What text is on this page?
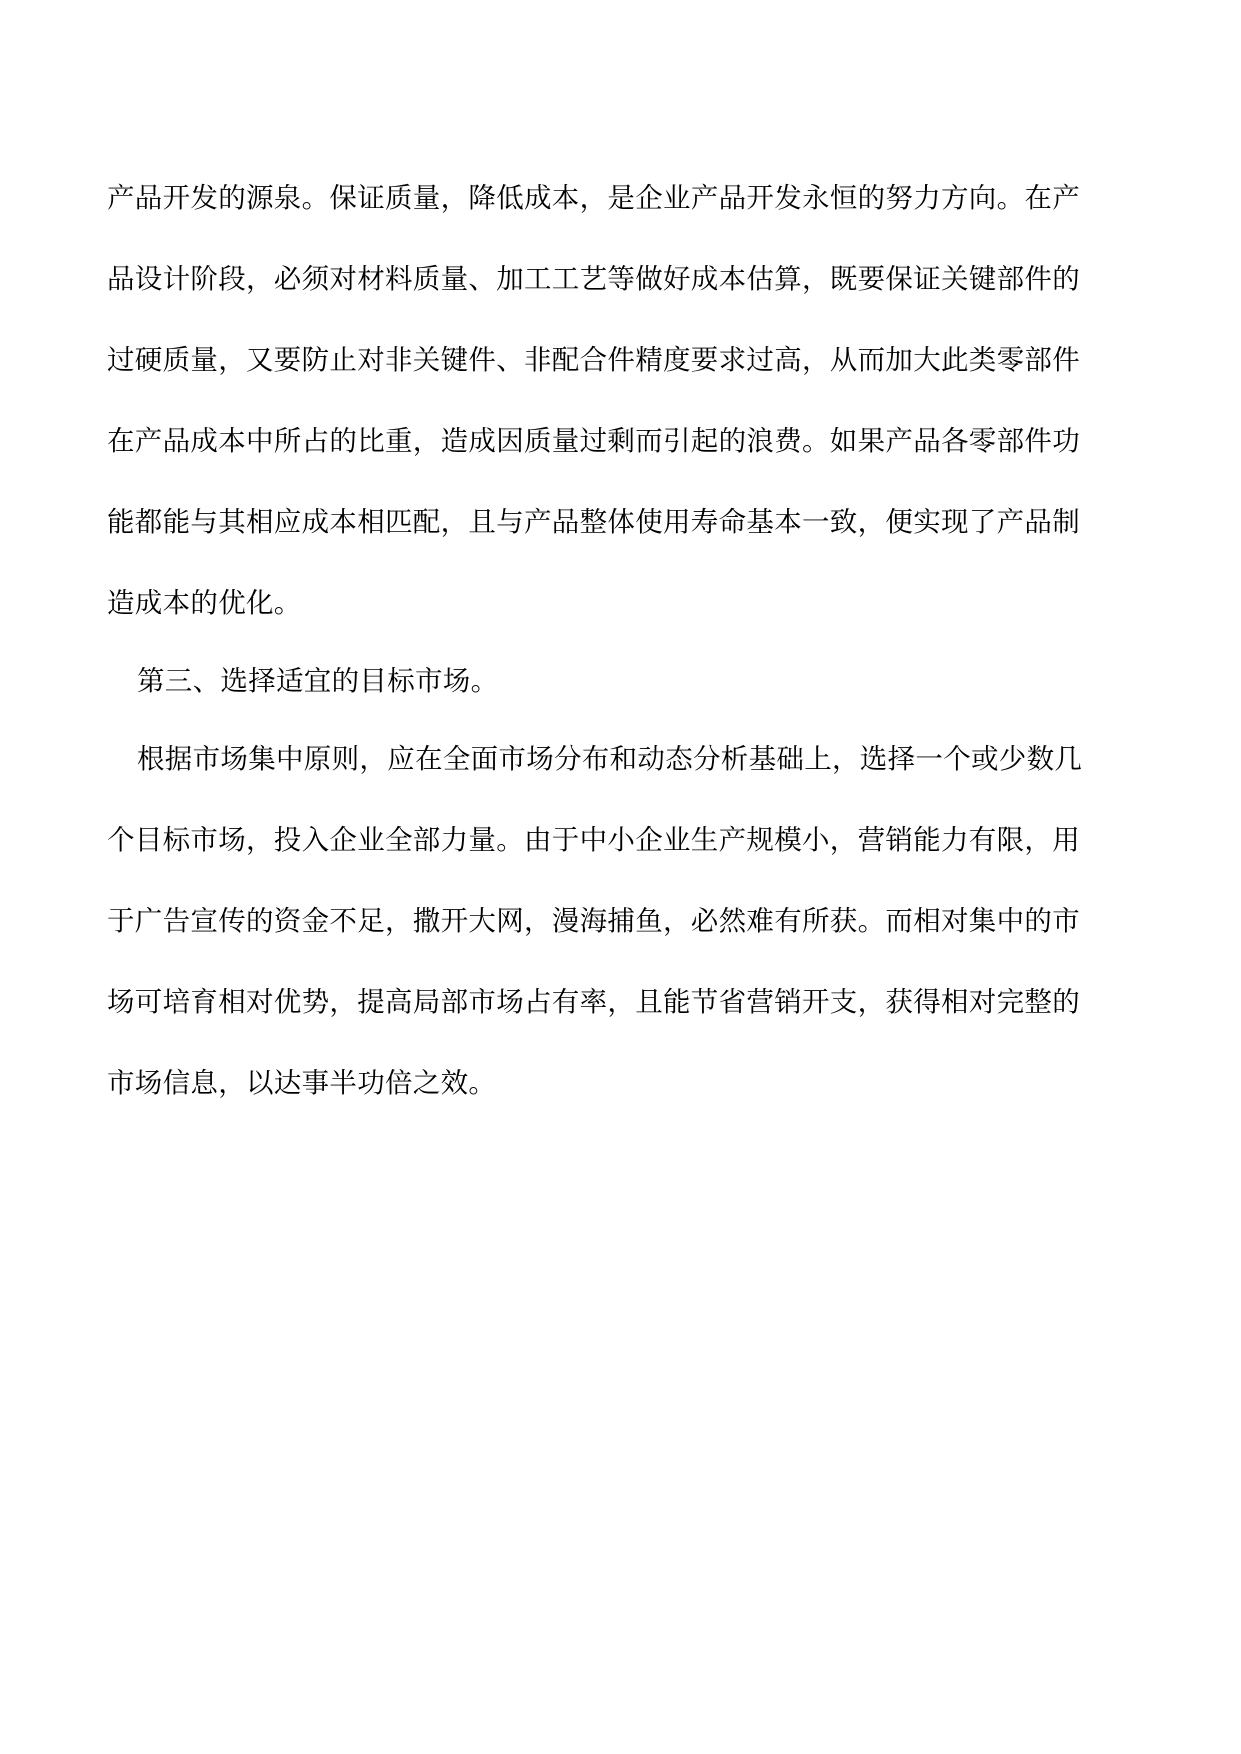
产品开发的源泉。保证质量，降低成本，是企业产品开发永恒的努力方向。在产
品设计阶段，必须对材料质量、加工工艺等做好成本估算，既要保证关键部件的
过硬质量，又要防止对非关键件、非配合件精度要求过高，从而加大此类零部件
在产品成本中所占的比重，造成因质量过剩而引起的浪费。如果产品各零部件功
能都能与其相应成本相匹配，且与产品整体使用寿命基本一致，便实现了产品制
造成本的优化。
第三、选择适宜的目标市场。
根据市场集中原则，应在全面市场分布和动态分析基础上，选择一个或少数几
个目标市场，投入企业全部力量。由于中小企业生产规模小，营销能力有限，用
于广告宣传的资金不足，撒开大网，漫海捕鱼，必然难有所获。而相对集中的市
场可培育相对优势，提高局部市场占有率，且能节省营销开支，获得相对完整的
市场信息，以达事半功倍之效。
